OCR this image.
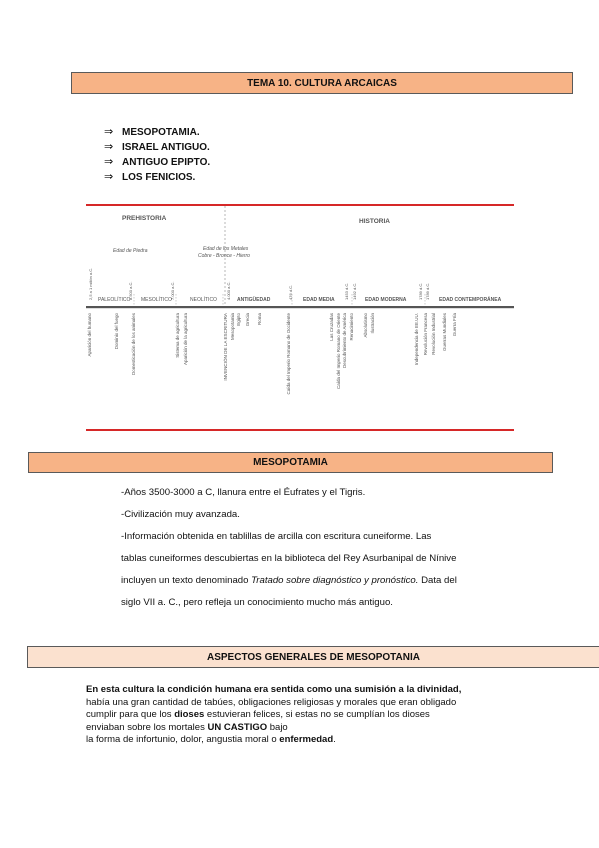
TEMA 10. CULTURA ARCAICAS
⇒ MESOPOTAMIA.
⇒ ISRAEL ANTIGUO.
⇒ ANTIGUO EPIPTO.
⇒ LOS FENICIOS.
PREHISTORIA	HISTORIA
Edad de Piedra	Edad de los Metales
Cobre - Bronce - Hierro
PALEOLÍTICO MESOLÍTICO	NEOLÍTICO	ANTIGÜEDAD	EDAD MEDIA	EDAD MODERNA	EDAD CONTEMPORÁNEA
2,5 a 1 millón a.C.	8.500 a.C.	7.000 a.C.	4.000 a.C.	476 d.C.	1453 d.C. 1492 d.C.	1789 d.C. 1789 d.C.
Aparición del humano	Dominio del fuego	Domesticación de los animales	Sistema de agricultura Aparición de la agricultura	INVENCIÓN DE LA ESCRITURA Mesopotamia Egipto Grecia Roma	Caída del Imperio Romano de Occidente	Las Cruzadas Caída del Imperio Romano de Oriente Descubrimiento de América Renacimiento Absolutismo Ilustración	Independencia de EE.UU. Revolución Francesa Revolución Industrial Guerras Mundiales Guerra Fría
MESOPOTAMIA

-Años 3500-3000 a C, llanura entre el Éufrates y el Tigris.

-Civilización muy avanzada.

-Información obtenida en tablillas de arcilla con escritura cuneiforme. Las

tablas cuneiformes descubiertas en la biblioteca del Rey Asurbanipal de Nínive

incluyen un texto denominado Tratado sobre diagnóstico y pronóstico. Data del

siglo VII a. C., pero refleja un conocimiento mucho más antiguo.

ASPECTOS GENERALES DE MESOPOTANIA

En esta cultura la condición humana era sentida como una sumisión a la divinidad,

había una gran cantidad de tabúes, obligaciones religiosas y morales que eran obligado

cumplir para que los dioses estuvieran felices, si estas no se cumplían los dioses

enviaban sobre los mortales UN CASTIGO bajo

la forma de infortunio, dolor, angustia moral o enfermedad.
